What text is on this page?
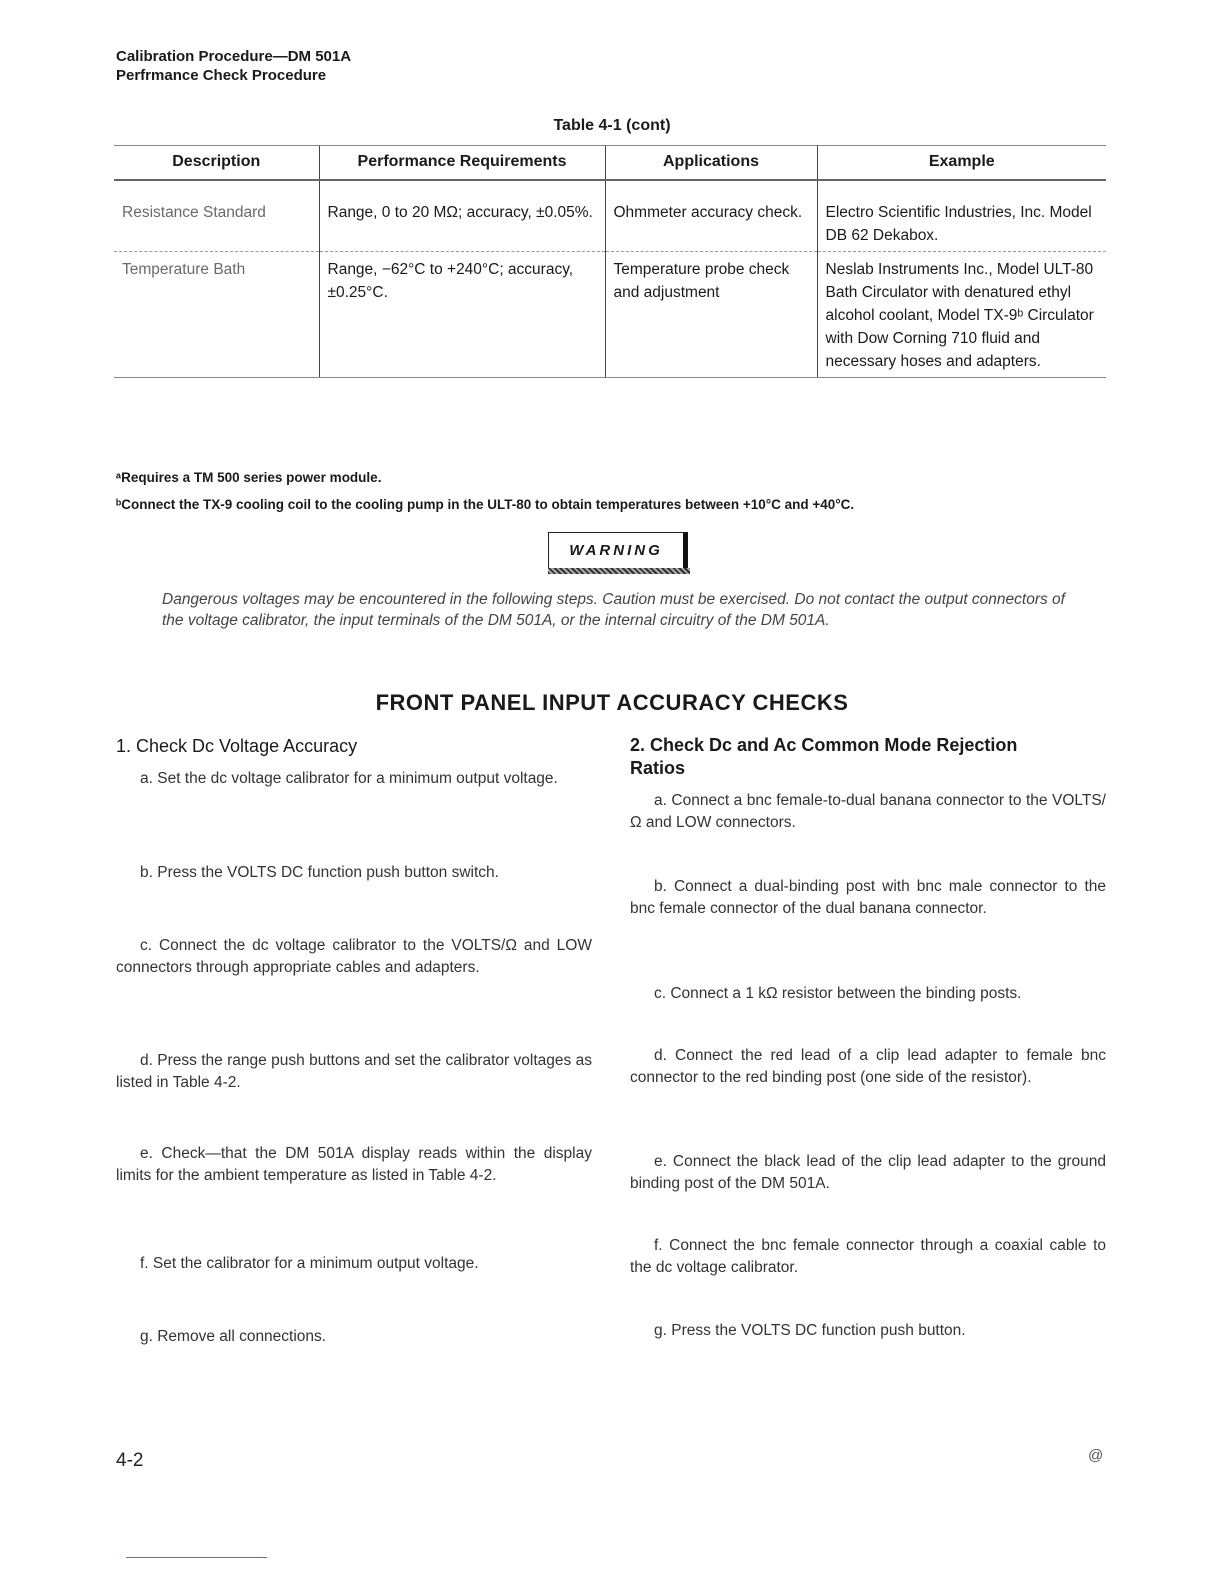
Calibration Procedure—DM 501A
Perfrmance Check Procedure
Table 4-1 (cont)
Description	Performance Requirements	Applications	Example
Resistance Standard	Range, 0 to 20 MΩ; accuracy, ±0.05%.	Ohmmeter accuracy check.	Electro Scientific Industries, Inc. Model DB 62 Dekabox.
Temperature Bath	Range, −62°C to +240°C; accuracy, ±0.25°C.	Temperature probe check and adjustment	Neslab Instruments Inc., Model ULT-80 Bath Circulator with denatured ethyl alcohol coolant, Model TX-9ᵇ Circulator with Dow Corning 710 fluid and necessary hoses and adapters.
ᵃRequires a TM 500 series power module.
ᵇConnect the TX-9 cooling coil to the cooling pump in the ULT-80 to obtain temperatures between +10°C and +40°C.
WARNING
Dangerous voltages may be encountered in the following steps. Caution must be exercised. Do not contact the output connectors of the voltage calibrator, the input terminals of the DM 501A, or the internal circuitry of the DM 501A.
FRONT PANEL INPUT ACCURACY CHECKS
1. Check Dc Voltage Accuracy

a. Set the dc voltage calibrator for a minimum output voltage.

b. Press the VOLTS DC function push button switch.

c. Connect the dc voltage calibrator to the VOLTS/Ω and LOW connectors through appropriate cables and adapters.

d. Press the range push buttons and set the calibrator voltages as listed in Table 4-2.

e. Check—that the DM 501A display reads within the display limits for the ambient temperature as listed in Table 4-2.

f. Set the calibrator for a minimum output voltage.

g. Remove all connections.

2. Check Dc and Ac Common Mode Rejection Ratios

a. Connect a bnc female-to-dual banana connector to the VOLTS/Ω and LOW connectors.

b. Connect a dual-binding post with bnc male connector to the bnc female connector of the dual banana connector.

c. Connect a 1 kΩ resistor between the binding posts.

d. Connect the red lead of a clip lead adapter to female bnc connector to the red binding post (one side of the resistor).

e. Connect the black lead of the clip lead adapter to the ground binding post of the DM 501A.

f. Connect the bnc female connector through a coaxial cable to the dc voltage calibrator.

g. Press the VOLTS DC function push button.

4-2	@
